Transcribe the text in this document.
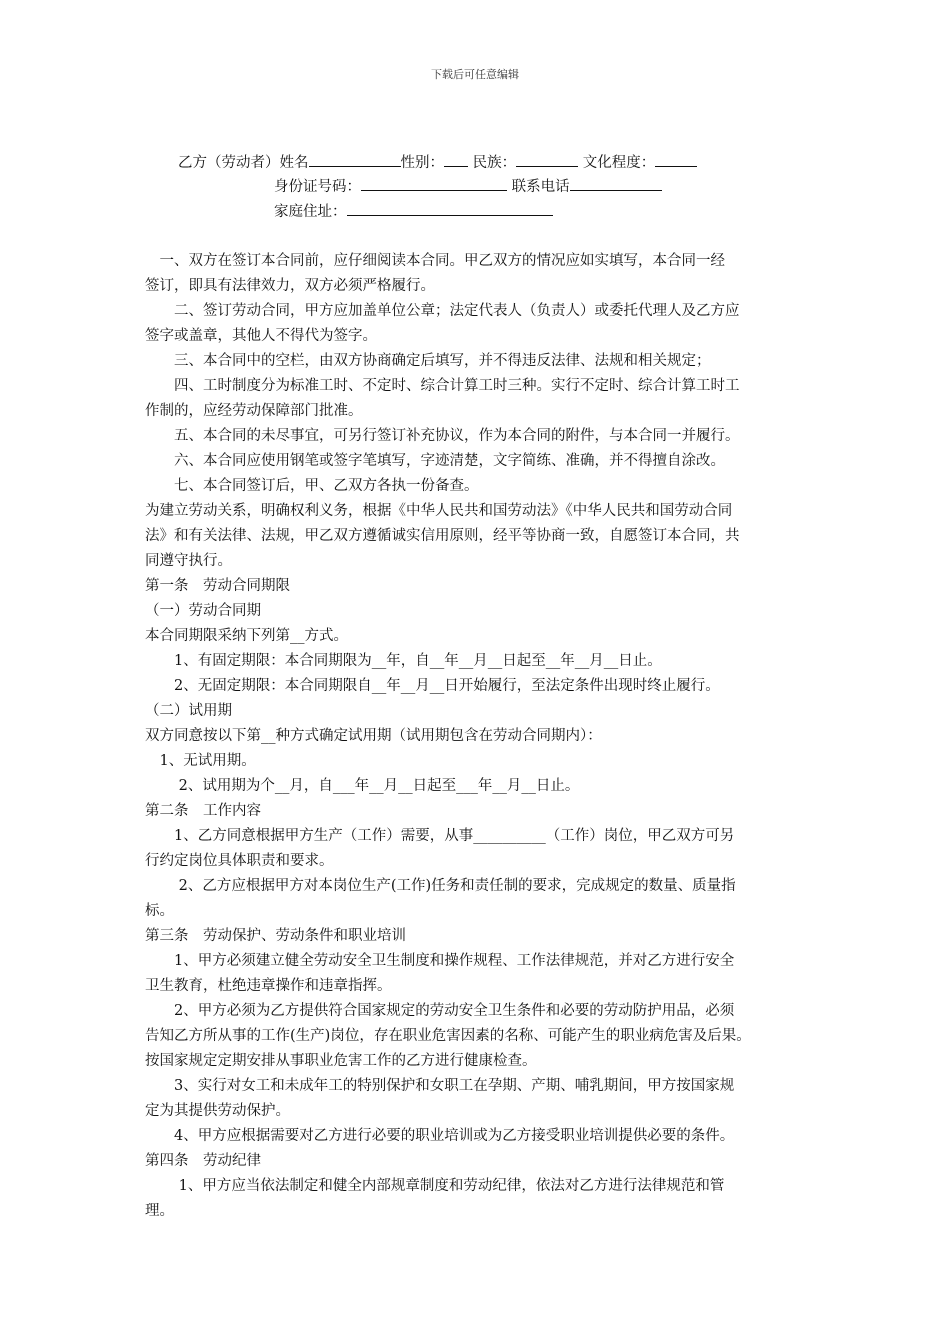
下载后可任意编辑
乙方（劳动者）姓名	性别： 民族：	文化程度：
身份证号码：	联系电话
家庭住址：
　一、双方在签订本合同前，应仔细阅读本合同。甲乙双方的情况应如实填写，本合同一经
签订，即具有法律效力，双方必须严格履行。
　　二、签订劳动合同，甲方应加盖单位公章；法定代表人（负责人）或委托代理人及乙方应
签字或盖章，其他人不得代为签字。
　　三、本合同中的空栏，由双方协商确定后填写，并不得违反法律、法规和相关规定；
　　四、工时制度分为标准工时、不定时、综合计算工时三种。实行不定时、综合计算工时工
作制的，应经劳动保障部门批准。
　　五、本合同的未尽事宜，可另行签订补充协议，作为本合同的附件，与本合同一并履行。
　　六、本合同应使用钢笔或签字笔填写，字迹清楚，文字简练、准确，并不得擅自涂改。
　　七、本合同签订后，甲、乙双方各执一份备查。
为建立劳动关系，明确权利义务，根据《中华人民共和国劳动法》《中华人民共和国劳动合同
法》和有关法律、法规，甲乙双方遵循诚实信用原则，经平等协商一致，自愿签订本合同，共
同遵守执行。
第一条　劳动合同期限
（一）劳动合同期
本合同期限采纳下列第__方式。
　　1、有固定期限：本合同期限为__年，自__年__月__日起至__年__月__日止。
　　2、无固定期限：本合同期限自__年__月__日开始履行，至法定条件出现时终止履行。
（二）试用期
双方同意按以下第__种方式确定试用期（试用期包含在劳动合同期内）：
　1、无试用期。
　　 2、试用期为个__月，自___年__月__日起至___年__月__日止。
第二条　工作内容
　　1、乙方同意根据甲方生产（工作）需要，从事__________（工作）岗位，甲乙双方可另
行约定岗位具体职责和要求。
　　 2、乙方应根据甲方对本岗位生产(工作)任务和责任制的要求，完成规定的数量、质量指
标。
第三条　劳动保护、劳动条件和职业培训
　　1、甲方必须建立健全劳动安全卫生制度和操作规程、工作法律规范，并对乙方进行安全
卫生教育，杜绝违章操作和违章指挥。
　　2、甲方必须为乙方提供符合国家规定的劳动安全卫生条件和必要的劳动防护用品，必须
告知乙方所从事的工作(生产)岗位，存在职业危害因素的名称、可能产生的职业病危害及后果。
按国家规定定期安排从事职业危害工作的乙方进行健康检查。
　　3、实行对女工和未成年工的特别保护和女职工在孕期、产期、哺乳期间，甲方按国家规
定为其提供劳动保护。
　　4、甲方应根据需要对乙方进行必要的职业培训或为乙方接受职业培训提供必要的条件。
第四条　劳动纪律
　　 1、甲方应当依法制定和健全内部规章制度和劳动纪律，依法对乙方进行法律规范和管
理。
